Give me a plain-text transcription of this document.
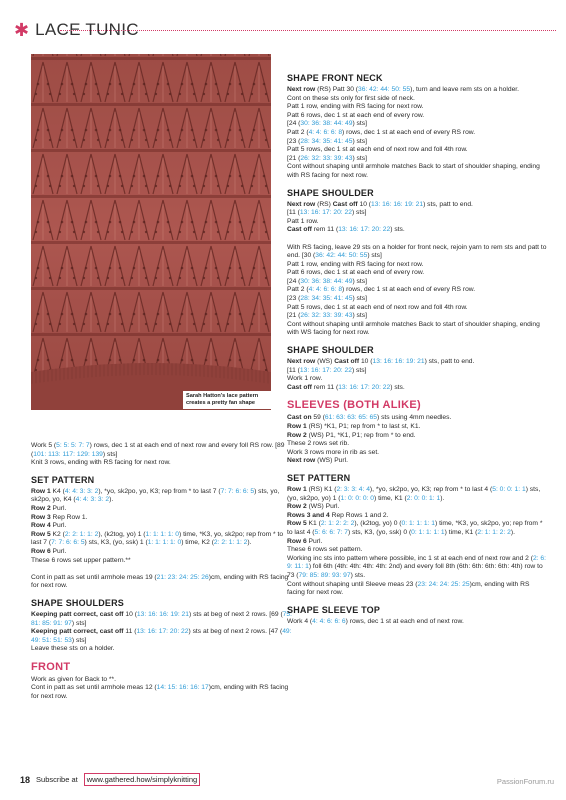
✱ LACE TUNIC
Sarah Hatton's lace pattern creates a pretty fan shape

Work 5 (5: 5: 5: 7: 7) rows, dec 1 st at each end of next row and every foll RS row. [89 (101: 113: 117: 129: 139) sts]

Knit 3 rows, ending with RS facing for next row.

SET PATTERN

Row 1 K4 (4: 4: 3: 3: 2), *yo, sk2po, yo, K3; rep from * to last 7 (7: 7: 6: 6: 5) sts, yo, sk2po, yo, K4 (4: 4: 3: 3: 2).

Row 2 Purl.

Row 3 Rep Row 1.

Row 4 Purl.

Row 5 K2 (2: 2: 1: 1: 2), (k2tog, yo) 1 (1: 1: 1: 1: 0) time, *K3, yo, sk2po; rep from * to last 7 (7: 7: 6: 6: 5) sts, K3, (yo, ssk) 1 (1: 1: 1: 1: 0) time, K2 (2: 2: 1: 1: 2).

Row 6 Purl.

These 6 rows set upper pattern.**

Cont in patt as set until armhole meas 19 (21: 23: 24: 25: 26)cm, ending with RS facing for next row.

SHAPE SHOULDERS

Keeping patt correct, cast off 10 (13: 16: 16: 19: 21) sts at beg of next 2 rows. [69 (75: 81: 85: 91: 97) sts]

Keeping patt correct, cast off 11 (13: 16: 17: 20: 22) sts at beg of next 2 rows. [47 (49: 49: 51: 51: 53) sts]

Leave these sts on a holder.

FRONT

Work as given for Back to **.

Cont in patt as set until armhole meas 12 (14: 15: 16: 16: 17)cm, ending with RS facing for next row.

SHAPE FRONT NECK

Next row (RS) Patt 30 (36: 42: 44: 50: 55), turn and leave rem sts on a holder.

Cont on these sts only for first side of neck.

Patt 1 row, ending with RS facing for next row.

Patt 6 rows, dec 1 st at each end of every row.

[24 (30: 36: 38: 44: 49) sts]

Patt 2 (4: 4: 6: 6: 8) rows, dec 1 st at each end of every RS row.

[23 (28: 34: 35: 41: 45) sts]

Patt 5 rows, dec 1 st at each end of next row and foll 4th row.

[21 (26: 32: 33: 39: 43) sts]

Cont without shaping until armhole matches Back to start of shoulder shaping, ending with RS facing for next row.

SHAPE SHOULDER

Next row (RS) Cast off 10 (13: 16: 16: 19: 21) sts, patt to end.

[11 (13: 16: 17: 20: 22) sts]

Patt 1 row.

Cast off rem 11 (13: 16: 17: 20: 22) sts.

With RS facing, leave 29 sts on a holder for front neck, rejoin yarn to rem sts and patt to end. [30 (36: 42: 44: 50: 55) sts]

Patt 1 row, ending with RS facing for next row.

Patt 6 rows, dec 1 st at each end of every row.

[24 (30: 36: 38: 44: 49) sts]

Patt 2 (4: 4: 6: 6: 8) rows, dec 1 st at each end of every RS row.

[23 (28: 34: 35: 41: 45) sts]

Patt 5 rows, dec 1 st at each end of next row and foll 4th row.

[21 (26: 32: 33: 39: 43) sts]

Cont without shaping until armhole matches Back to start of shoulder shaping, ending with WS facing for next row.

SHAPE SHOULDER

Next row (WS) Cast off 10 (13: 16: 16: 19: 21) sts, patt to end.

[11 (13: 16: 17: 20: 22) sts]

Work 1 row.

Cast off rem 11 (13: 16: 17: 20: 22) sts.

SLEEVES (BOTH ALIKE)

Cast on 59 (61: 63: 63: 65: 65) sts using 4mm needles.

Row 1 (RS) *K1, P1; rep from * to last st, K1.

Row 2 (WS) P1, *K1, P1; rep from * to end.

These 2 rows set rib.

Work 3 rows more in rib as set.

Next row (WS) Purl.

SET PATTERN

Row 1 (RS) K1 (2: 3: 3: 4: 4), *yo, sk2po, yo, K3; rep from * to last 4 (5: 0: 0: 1: 1) sts, (yo, sk2po, yo) 1 (1: 0: 0: 0: 0) time, K1 (2: 0: 0: 1: 1).

Row 2 (WS) Purl.

Rows 3 and 4 Rep Rows 1 and 2.

Row 5 K1 (2: 1: 2: 2: 2), (k2tog, yo) 0 (0: 1: 1: 1: 1) time, *K3, yo, sk2po, yo; rep from * to last 4 (5: 6: 6: 7: 7) sts, K3, (yo, ssk) 0 (0: 1: 1: 1: 1) time, K1 (2: 1: 1: 2: 2).

Row 6 Purl.

These 6 rows set pattern.

Working inc sts into pattern where possible, inc 1 st at each end of next row and 2 (2: 6: 9: 11: 1) foll 6th (4th: 4th: 4th: 4th: 2nd) and every foll 8th (6th: 6th: 6th: 6th: 4th) row to 73 (79: 85: 89: 93: 97) sts.

Cont without shaping until Sleeve meas 23 (23: 24: 24: 25: 25)cm, ending with RS facing for next row.

SHAPE SLEEVE TOP

Work 4 (4: 4: 6: 6: 6) rows, dec 1 st at each end of next row.

18 Subscribe at	www.gathered.how/simplyknitting	PassionForum.ru
